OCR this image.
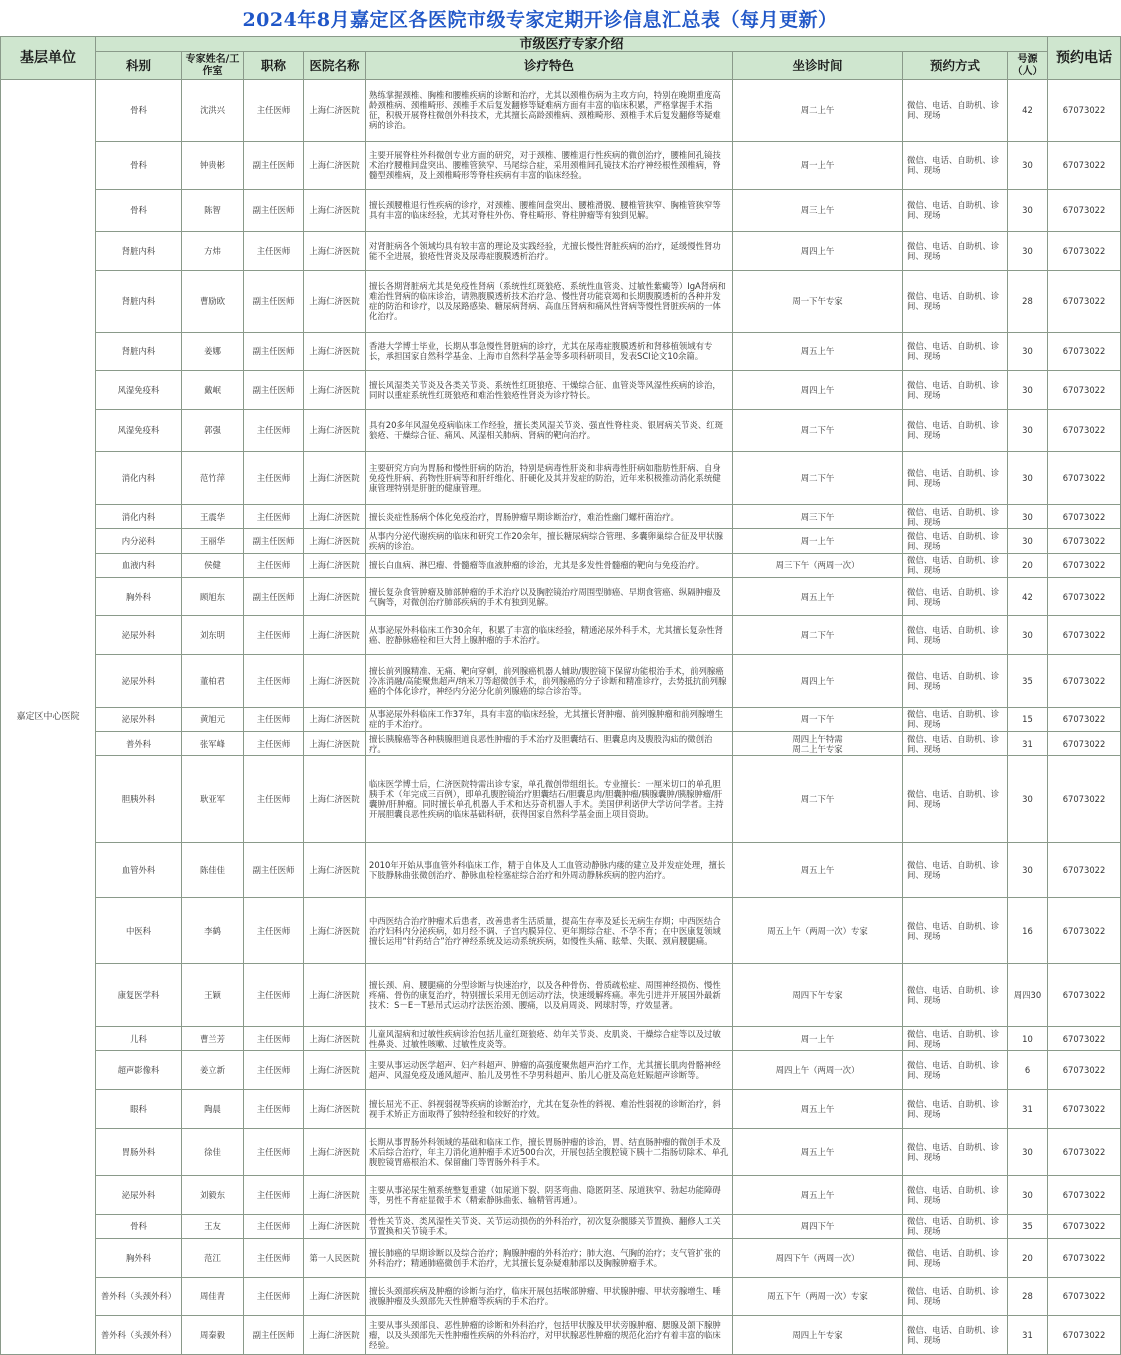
2024年8月嘉定区各医院市级专家定期开诊信息汇总表（每月更新）
基层单位	市级医疗专家介绍								预约电话
	科别	专家姓名/工作室	职称	医院名称	诊疗特色	坐诊时间	预约方式	号源（人）	
嘉定区中心医院	骨科	沈洪兴	主任医师	上海仁济医院	熟练掌握颈椎、胸椎和腰椎疾病的诊断和治疗，尤其以颈椎伤病为主攻方向，特别在晚期重度高龄颈椎病、颈椎畸形、颈椎手术后复发翻修等疑难病方面有丰富的临床积累，严格掌握手术指征，积极开展脊柱微创外科技术，尤其擅长高龄颈椎病、颈椎畸形、颈椎手术后复发翻修等疑难病的诊治。	周二上午	微信、电话、自助机、诊间、现场	42	67073022
	骨科	钟贵彬	副主任医师	上海仁济医院	主要开展脊柱外科微创专业方面的研究，对于颈椎、腰椎退行性疾病的微创治疗，腰椎间孔镜技术治疗腰椎间盘突出、腰椎管狭窄、马尾综合症，采用颈椎间孔镜技术治疗神经根性颈椎病，脊髓型颈椎病，及上颈椎畸形等脊柱疾病有丰富的临床经验。	周一上午	微信、电话、自助机、诊间、现场	30	67073022
	骨科	陈智	副主任医师	上海仁济医院	擅长颈腰椎退行性疾病的诊疗，对颈椎、腰椎间盘突出、腰椎滑脱、腰椎管狭窄、胸椎管狭窄等具有丰富的临床经验，尤其对脊柱外伤、脊柱畸形、脊柱肿瘤等有独到见解。	周三上午	微信、电话、自助机、诊间、现场	30	67073022
	肾脏内科	方炜	主任医师	上海仁济医院	对肾脏病各个领域均具有较丰富的理论及实践经验，尤擅长慢性肾脏疾病的治疗，延缓慢性肾功能不全进展，狼疮性肾炎及尿毒症腹膜透析治疗。	周四上午	微信、电话、自助机、诊间、现场	30	67073022
	肾脏内科	曹励欧	副主任医师	上海仁济医院	擅长各期肾脏病尤其是免疫性肾病（系统性红斑狼疮、系统性血管炎、过敏性紫癜等）IgA肾病和难治性肾病的临床诊治，请熟腹膜透析技术治疗急、慢性肾功能衰竭和长期腹膜透析的各种并发症的防治和诊疗，以及尿路感染、糖尿病肾病、高血压肾病和痛风性肾病等慢性肾脏疾病的一体化治疗。	周一下午专家	微信、电话、自助机、诊间、现场	28	67073022
	肾脏内科	姜娜	副主任医师	上海仁济医院	香港大学博士毕业，长期从事急慢性肾脏病的诊疗，尤其在尿毒症腹膜透析和肾移植领域有专长，承担国家自然科学基金、上海市自然科学基金等多项科研项目，发表SCI论文10余篇。	周五上午	微信、电话、自助机、诊间、现场	30	67073022
	风湿免疫科	戴岷	副主任医师	上海仁济医院	擅长风湿类关节炎及各类关节炎、系统性红斑狼疮、干燥综合征、血管炎等风湿性疾病的诊治，同时以重症系统性红斑狼疮和难治性狼疮性肾炎为诊疗特长。	周四上午	微信、电话、自助机、诊间、现场	30	67073022
	风湿免疫科	郭强	主任医师	上海仁济医院	具有20多年风湿免疫病临床工作经验，擅长类风湿关节炎、强直性脊柱炎、银屑病关节炎、红斑狼疮、干燥综合征、痛风、风湿相关肺病、肾病的靶向治疗。	周二下午	微信、电话、自助机、诊间、现场	30	67073022
	消化内科	范竹萍	主任医师	上海仁济医院	主要研究方向为胃肠和慢性肝病的防治，特别是病毒性肝炎和非病毒性肝病如脂肪性肝病、自身免疫性肝病、药物性肝病等和肝纤维化、肝硬化及其并发症的防治，近年来积极推动消化系统健康管理特别是肝脏的健康管理。	周二下午	微信、电话、自助机、诊间、现场	30	67073022
	消化内科	王震华	主任医师	上海仁济医院	擅长炎症性肠病个体化免疫治疗，胃肠肿瘤早期诊断治疗，难治性幽门螺杆菌治疗。	周三下午	微信、电话、自助机、诊间、现场	30	67073022
	内分泌科	王丽华	副主任医师	上海仁济医院	从事内分泌代谢疾病的临床和研究工作20余年，擅长糖尿病综合管理、多囊卵巢综合征及甲状腺疾病的诊治。	周一上午	微信、电话、自助机、诊间、现场	30	67073022
	血液内科	侯健	主任医师	上海仁济医院	擅长白血病、淋巴瘤、骨髓瘤等血液肿瘤的诊治，尤其是多发性骨髓瘤的靶向与免疫治疗。	周三下午（两周一次）	微信、电话、自助机、诊间、现场	20	67073022
	胸外科	顾旭东	副主任医师	上海仁济医院	擅长复杂食管肿瘤及肺部肿瘤的手术治疗以及胸腔镜治疗周围型肺癌、早期食管癌、纵隔肿瘤及气胸等，对微创治疗肺部疾病的手术有独到见解。	周五上午	微信、电话、自助机、诊间、现场	42	67073022
	泌尿外科	刘东明	主任医师	上海仁济医院	从事泌尿外科临床工作30余年，积累了丰富的临床经验，精通泌尿外科手术，尤其擅长复杂性肾癌、腔静脉癌栓和巨大肾上腺肿瘤的手术治疗。	周二下午	微信、电话、自助机、诊间、现场	30	67073022
	泌尿外科	董柏君	主任医师	上海仁济医院	擅长前列腺精准、无痛、靶向穿刺，前列腺癌机器人辅助/腹腔镜下保留功能根治手术，前列腺癌冷冻消融/高能聚焦超声/纳米刀等超微创手术，前列腺癌的分子诊断和精准诊疗，去势抵抗前列腺癌的个体化诊疗，神经内分泌分化前列腺癌的综合诊治等。	周四上午	微信、电话、自助机、诊间、现场	35	67073022
	泌尿外科	黄旭元	主任医师	上海仁济医院	从事泌尿外科临床工作37年，具有丰富的临床经验，尤其擅长肾肿瘤、前列腺肿瘤和前列腺增生症的手术治疗。	周一下午	微信、电话、自助机、诊间、现场	15	67073022
	普外科	张军峰	主任医师	上海仁济医院	擅长胰腺癌等各种胰腺胆道良恶性肿瘤的手术治疗及胆囊结石、胆囊息肉及腹股沟疝的微创治疗。	周四上午特需
周二上午专家	微信、电话、自助机、诊间、现场	31	67073022
	胆胰外科	耿亚军	主任医师	上海仁济医院	临床医学博士后，仁济医院特需出诊专家，单孔微创带组组长。专业擅长：一厘米切口的单孔胆胰手术（年完成三百例），即单孔腹腔镜治疗胆囊结石/胆囊息肉/胆囊肿瘤/胰腺囊肿/胰腺肿瘤/肝囊肿/肝肿瘤。同时擅长单孔机器人手术和达芬奇机器人手术。美国伊利诺伊大学访问学者。主持开展胆囊良恶性疾病的临床基础科研，获得国家自然科学基金面上项目资助。	周二下午	微信、电话、自助机、诊间、现场	30	67073022
	血管外科	陈佳佳	副主任医师	上海仁济医院	2010年开始从事血管外科临床工作，精于自体及人工血管动静脉内瘘的建立及并发症处理，擅长下肢静脉曲张微创治疗、静脉血栓栓塞症综合治疗和外周动静脉疾病的腔内治疗。	周五上午	微信、电话、自助机、诊间、现场	30	67073022
	中医科	李鹤	主任医师	上海仁济医院	中西医结合治疗肿瘤术后患者，改善患者生活质量，提高生存率及延长无病生存期；中西医结合治疗妇科内分泌疾病，如月经不调、子宫内膜异位、更年期综合症、不孕不育；在中医康复领域擅长运用“针药结合”治疗神经系统及运动系统疾病，如慢性头痛、眩晕、失眠、颈肩腰腿痛。	周五上午（两周一次）专家	微信、电话、自助机、诊间、现场	16	67073022
	康复医学科	王颖	主任医师	上海仁济医院	擅长颈、肩、腰腿痛的分型诊断与快速治疗，以及各种骨伤、骨质疏松症、周围神经损伤、慢性疼痛、骨伤的康复治疗，特别擅长采用无创运动疗法，快速缓解疼痛。率先引进并开展国外最新技术：S－E－T悬吊式运动疗法医治颈、腰痛，以及肩周炎、网球肘等，疗效显著。	周四下午专家	微信、电话、自助机、诊间、现场	周四30	67073022
	儿科	曹兰芳	主任医师	上海仁济医院	儿童风湿病和过敏性疾病诊治包括儿童红斑狼疮、幼年关节炎、皮肌炎、干燥综合症等以及过敏性鼻炎、过敏性咳嗽、过敏性皮炎等。	周一上午	微信、电话、自助机、诊间、现场	10	67073022
	超声影像科	姜立新	主任医师	上海仁济医院	主要从事运动医学超声、妇产科超声、肿瘤的高强度聚焦超声治疗工作，尤其擅长肌肉骨骼神经超声、风湿免疫及通风超声、胎儿及男性不孕男科超声、胎儿心脏及高危妊娠超声诊断等。	周四上午（两周一次）	微信、电话、自助机、诊间、现场	6	67073022
	眼科	陶晨	主任医师	上海仁济医院	擅长屈光不正、斜视弱视等疾病的诊断治疗，尤其在复杂性的斜视、难治性弱视的诊断治疗，斜视手术矫正方面取得了独特经验和较好的疗效。	周五上午	微信、电话、自助机、诊间、现场	31	67073022
	胃肠外科	徐佳	主任医师	上海仁济医院	长期从事胃肠外科领域的基础和临床工作，擅长胃肠肿瘤的诊治，胃、结直肠肿瘤的微创手术及术后综合治疗，年主刀消化道肿瘤手术近500台次，开展包括全腹腔镜下胰十二指肠切除术、单孔腹腔镜胃癌根治术、保留幽门等胃肠外科手术。	周五上午	微信、电话、自助机、诊间、现场	30	67073022
	泌尿外科	刘毅东	主任医师	上海仁济医院	主要从事泌尿生殖系统整复重建（如尿道下裂、阴茎弯曲、隐匿阴茎、尿道狭窄、勃起功能障碍等，男性不育症显微手术（精索静脉曲张、输精管再通）。	周五上午	微信、电话、自助机、诊间、现场	30	67073022
	骨科	王友	主任医师	上海仁济医院	骨性关节炎、类风湿性关节炎、关节运动损伤的外科治疗，初次复杂髋膝关节置换、翻修人工关节置换和关节镜手术。	周四下午	微信、电话、自助机、诊间、现场	35	67073022
	胸外科	范江	主任医师	第一人民医院	擅长肺癌的早期诊断以及综合治疗；胸腺肿瘤的外科治疗；肺大泡、气胸的治疗；支气管扩张的外科治疗；精通肺癌微创手术治疗，尤其擅长复杂疑难肺部以及胸腺肿瘤手术。	周四下午（两周一次）	微信、电话、自助机、诊间、现场	20	67073022
	普外科（头颈外科）	周佳青	主任医师	上海仁济医院	擅长头颈部疾病及肿瘤的诊断与治疗，临床开展包括喉部肿瘤、甲状腺肿瘤、甲状旁腺增生、唾液腺肿瘤及头颈部先天性肿瘤等疾病的手术治疗。	周五下午（两周一次）专家	微信、电话、自助机、诊间、现场	28	67073022
	普外科（头颈外科）	周秦毅	副主任医师	上海仁济医院	主要从事头颈部良、恶性肿瘤的诊断和外科治疗，包括甲状腺及甲状旁腺肿瘤、腮腺及颌下腺肿瘤，以及头颈部先天性肿瘤性疾病的外科治疗，对甲状腺恶性肿瘤的规范化治疗有着丰富的临床经验。	周四上午专家	微信、电话、自助机、诊间、现场	31	67073022
